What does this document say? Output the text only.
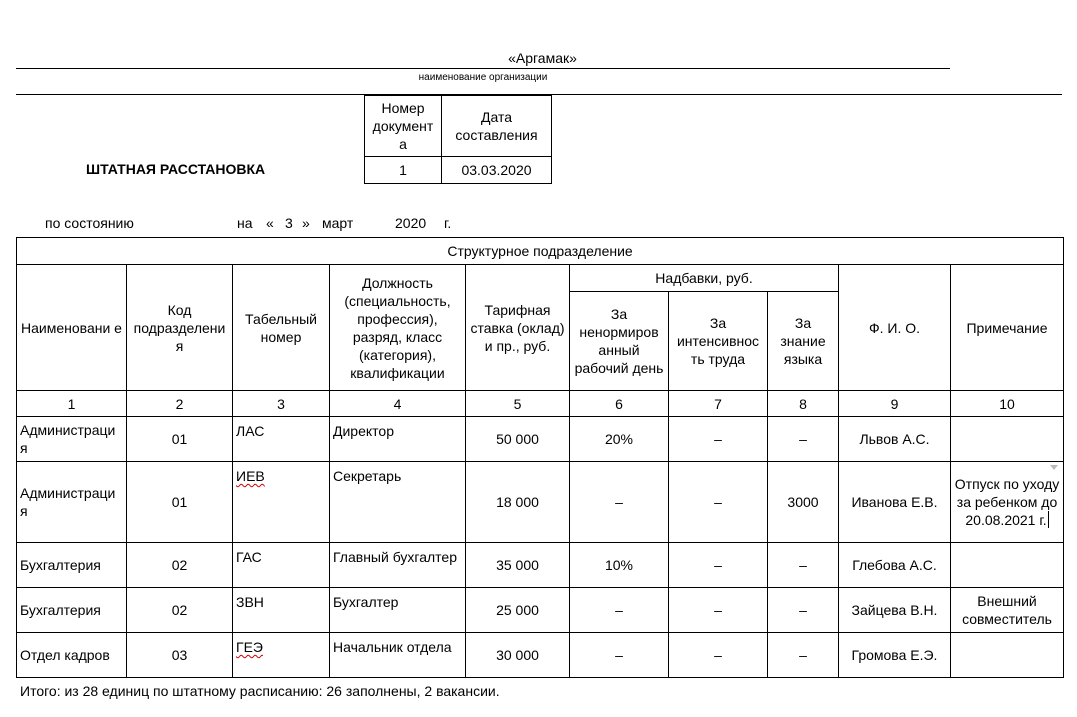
«Аргамак»
наименование организации
ШТАТНАЯ РАССТАНОВКА
Номер документ а	Дата составления
1	03.03.2020
по состоянию	на « 3 » март	2020 г.
Структурное подразделение									
Наименовани е	Код подразделени я	Табельный номер	Должность (специальность, профессия), разряд, класс (категория), квалификации	Тарифная ставка (оклад) и пр., руб.	Надбавки, руб.			Ф. И. О.	Примечание
					За ненормиров анный рабочий день	За интенсивнос ть труда	За знание языка		
1	2	3	4	5	6	7	8	9	10
Администраци я	01	ЛАС	Директор	50 000	20%	–	–	Львов А.С.	
Администраци я	01	ИЕВ	Секретарь	18 000	–	–	3000	Иванова Е.В.	Отпуск по уходу за ребенком до 20.08.2021 г.
Бухгалтерия	02	ГАС	Главный бухгалтер	35 000	10%	–	–	Глебова А.С.	
Бухгалтерия	02	ЗВН	Бухгалтер	25 000	–	–	–	Зайцева В.Н.	Внешний совместитель
Отдел кадров	03	ГЕЭ	Начальник отдела	30 000	–	–	–	Громова Е.Э.	
Итого: из 28 единиц по штатному расписанию: 26 заполнены, 2 вакансии.
